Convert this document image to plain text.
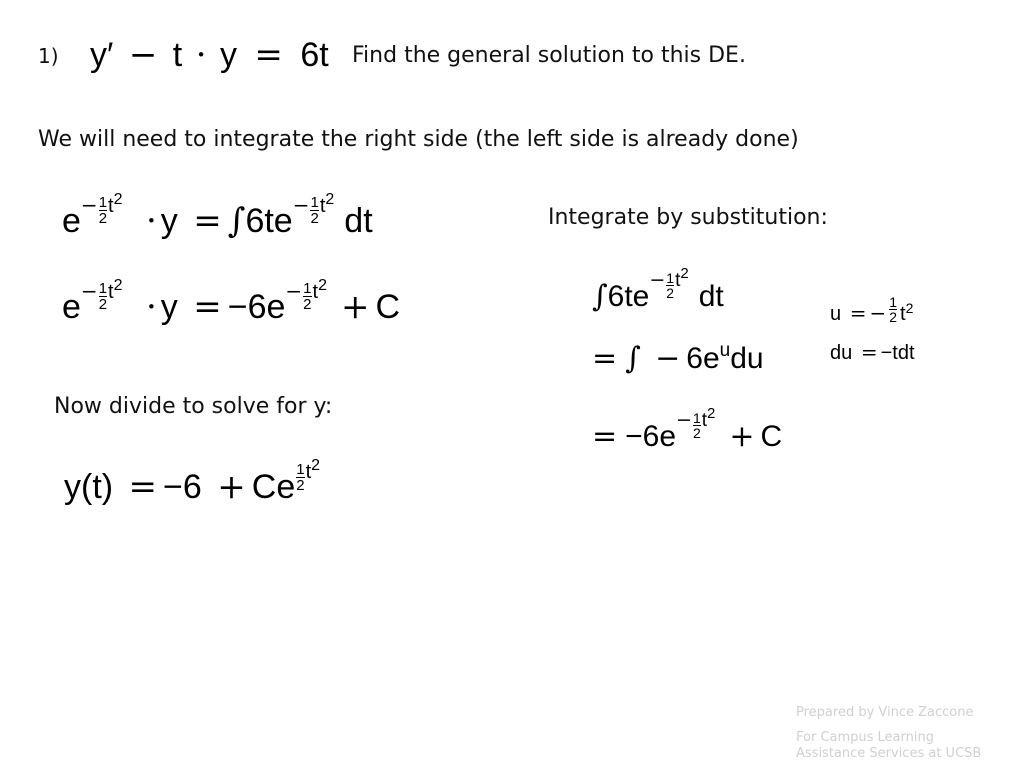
1) y′ − t · y = 6t Find the general solution to this DE.
We will need to integrate the right side (the left side is already done)
$e- \frac{1}{2} t^2 \cdot y = \int 6te- \frac{1}{2} t^2dt$
$e- \frac{1}{2} t^2 \cdot y = -6e- \frac{1}{2} t^2+ C$
Now divide to solve for y:
y(t) = −6 + Ce $\frac{1}{2} t^2$
Integrate by substitution:
$\int 6te- \frac{1}{2} t^2dt$
= ∫ − $6e^udu$
= $-6e- \frac{1}{2} t^2+ C$
u = − $\frac{1}{2} t^2$
du = −tdt
Prepared by Vince Zaccone
For Campus Learning
Assistance Services at UCSB
